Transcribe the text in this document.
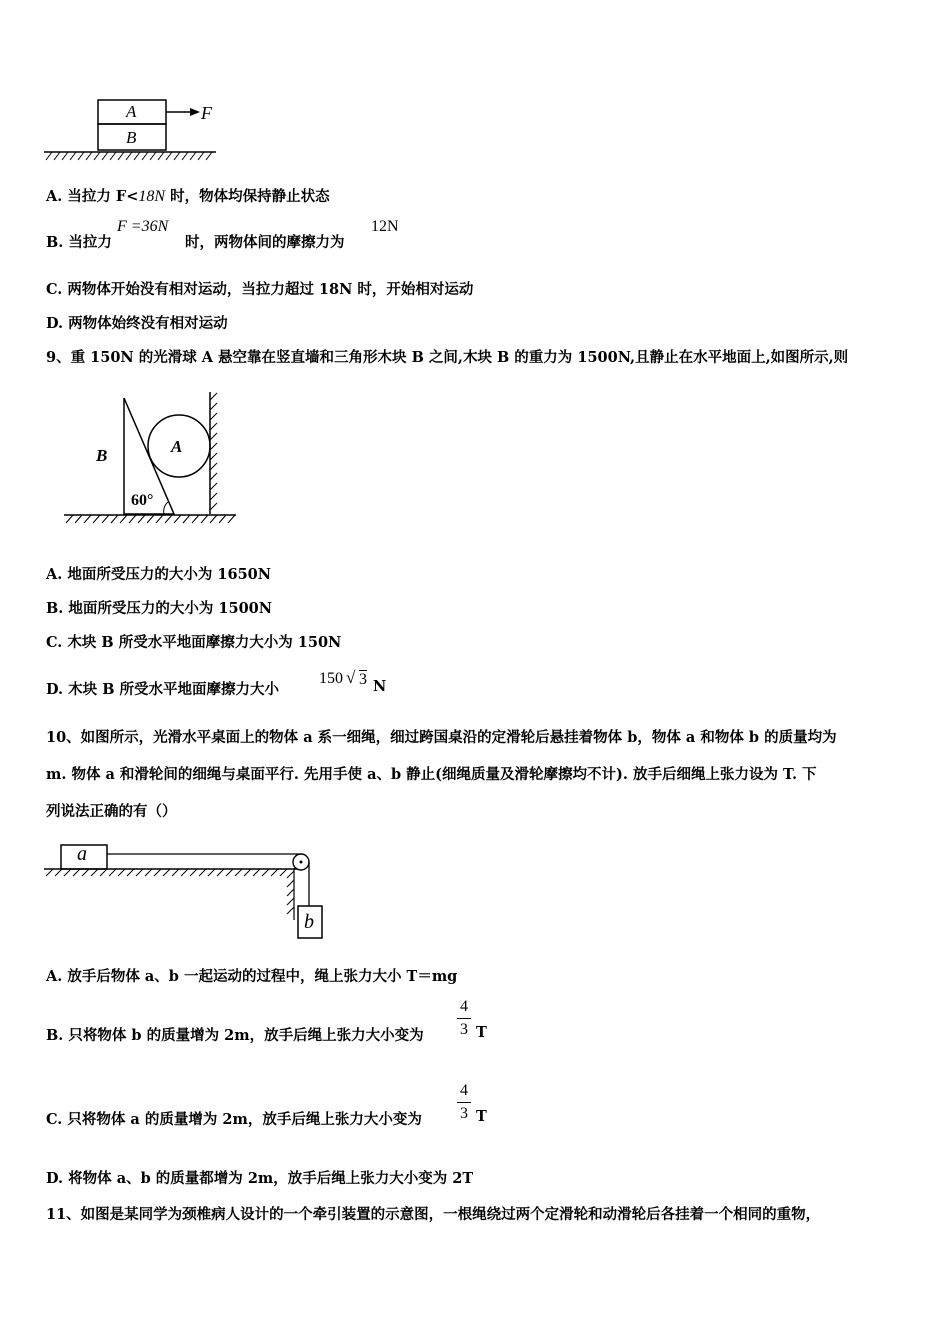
A
B
F
A. 当拉力 F<18N 时，物体均保持静止状态
B. 当拉力
F =36N
时，两物体间的摩擦力为
12N
C. 两物体开始没有相对运动，当拉力超过 18N 时，开始相对运动
D. 两物体始终没有相对运动
9、重 150N 的光滑球 A 悬空靠在竖直墙和三角形木块 B 之间,木块 B 的重力为 1500N,且静止在水平地面上,如图所示,则
B	A
60°
A. 地面所受压力的大小为 1650N
B. 地面所受压力的大小为 1500N
C. 木块 B 所受水平地面摩擦力大小为 150N
D. 木块 B 所受水平地面摩擦力大小
150 √ 3 N
10、如图所示，光滑水平桌面上的物体 a 系一细绳，细过跨国桌沿的定滑轮后悬挂着物体 b，物体 a 和物体 b 的质量均为
m. 物体 a 和滑轮间的细绳与桌面平行. 先用手使 a、b 静止(细绳质量及滑轮摩擦均不计). 放手后细绳上张力设为 T. 下
列说法正确的有（）
a
b
A. 放手后物体 a、b 一起运动的过程中，绳上张力大小 T＝mg
B. 只将物体 b 的质量增为 2m，放手后绳上张力大小变为
4
3 T
C. 只将物体 a 的质量增为 2m，放手后绳上张力大小变为
4
3 T
D. 将物体 a、b 的质量都增为 2m，放手后绳上张力大小变为 2T
11、如图是某同学为颈椎病人设计的一个牵引装置的示意图，一根绳绕过两个定滑轮和动滑轮后各挂着一个相同的重物，
